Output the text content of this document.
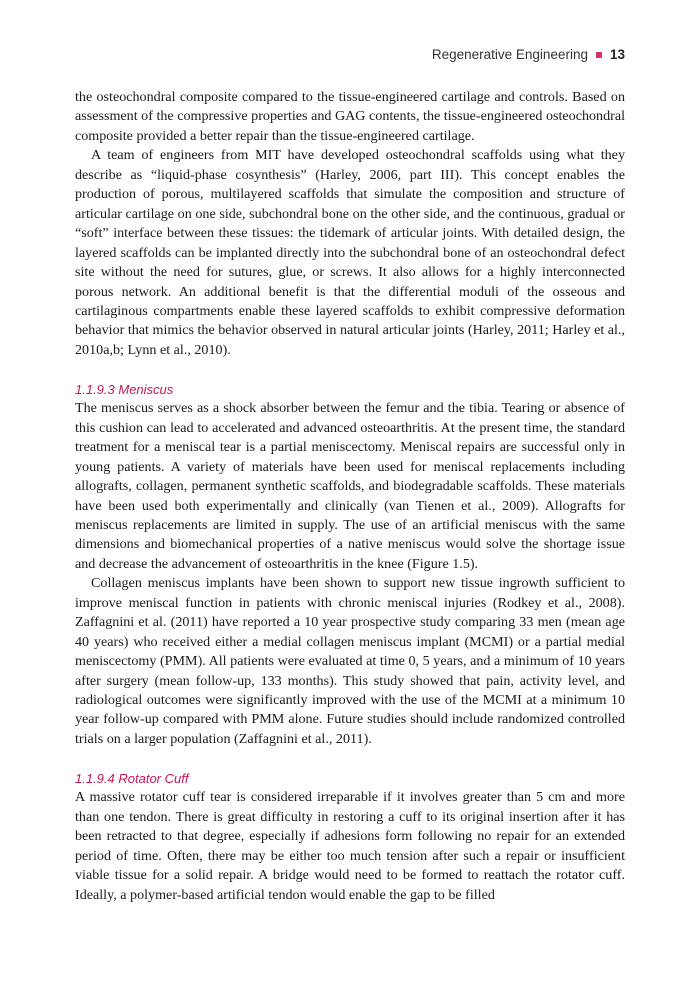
Regenerative Engineering 13

the osteochondral composite compared to the tissue-engineered cartilage and controls. Based on assessment of the compressive properties and GAG contents, the tissue-engineered osteochondral composite provided a better repair than the tissue-engineered cartilage.

A team of engineers from MIT have developed osteochondral scaffolds using what they describe as “liquid-phase cosynthesis” (Harley, 2006, part III). This concept enables the production of porous, multilayered scaffolds that simulate the composition and structure of articular cartilage on one side, subchondral bone on the other side, and the continuous, gradual or “soft” interface between these tissues: the tidemark of articular joints. With detailed design, the layered scaffolds can be implanted directly into the subchondral bone of an osteochondral defect site without the need for sutures, glue, or screws. It also allows for a highly interconnected porous network. An additional benefit is that the differential moduli of the osseous and cartilaginous compartments enable these layered scaffolds to exhibit compressive deformation behavior that mimics the behavior observed in natural articular joints (Harley, 2011; Harley et al., 2010a,b; Lynn et al., 2010).

1.1.9.3 Meniscus

The meniscus serves as a shock absorber between the femur and the tibia. Tearing or absence of this cushion can lead to accelerated and advanced osteoarthritis. At the present time, the standard treatment for a meniscal tear is a partial meniscectomy. Meniscal repairs are successful only in young patients. A variety of materials have been used for meniscal replacements including allografts, collagen, permanent synthetic scaffolds, and biodegradable scaffolds. These materials have been used both experimentally and clinically (van Tienen et al., 2009). Allografts for meniscus replacements are limited in supply. The use of an artificial meniscus with the same dimensions and biomechanical properties of a native meniscus would solve the shortage issue and decrease the advancement of osteoarthritis in the knee (Figure 1.5).

Collagen meniscus implants have been shown to support new tissue ingrowth sufficient to improve meniscal function in patients with chronic meniscal injuries (Rodkey et al., 2008). Zaffagnini et al. (2011) have reported a 10 year prospective study comparing 33 men (mean age 40 years) who received either a medial collagen meniscus implant (MCMI) or a partial medial meniscectomy (PMM). All patients were evaluated at time 0, 5 years, and a minimum of 10 years after surgery (mean follow-up, 133 months). This study showed that pain, activity level, and radiological outcomes were significantly improved with the use of the MCMI at a minimum 10 year follow-up compared with PMM alone. Future studies should include randomized controlled trials on a larger population (Zaffagnini et al., 2011).

1.1.9.4 Rotator Cuff

A massive rotator cuff tear is considered irreparable if it involves greater than 5 cm and more than one tendon. There is great difficulty in restoring a cuff to its original insertion after it has been retracted to that degree, especially if adhesions form following no repair for an extended period of time. Often, there may be either too much tension after such a repair or insufficient viable tissue for a solid repair. A bridge would need to be formed to reattach the rotator cuff. Ideally, a polymer-based artificial tendon would enable the gap to be filled
